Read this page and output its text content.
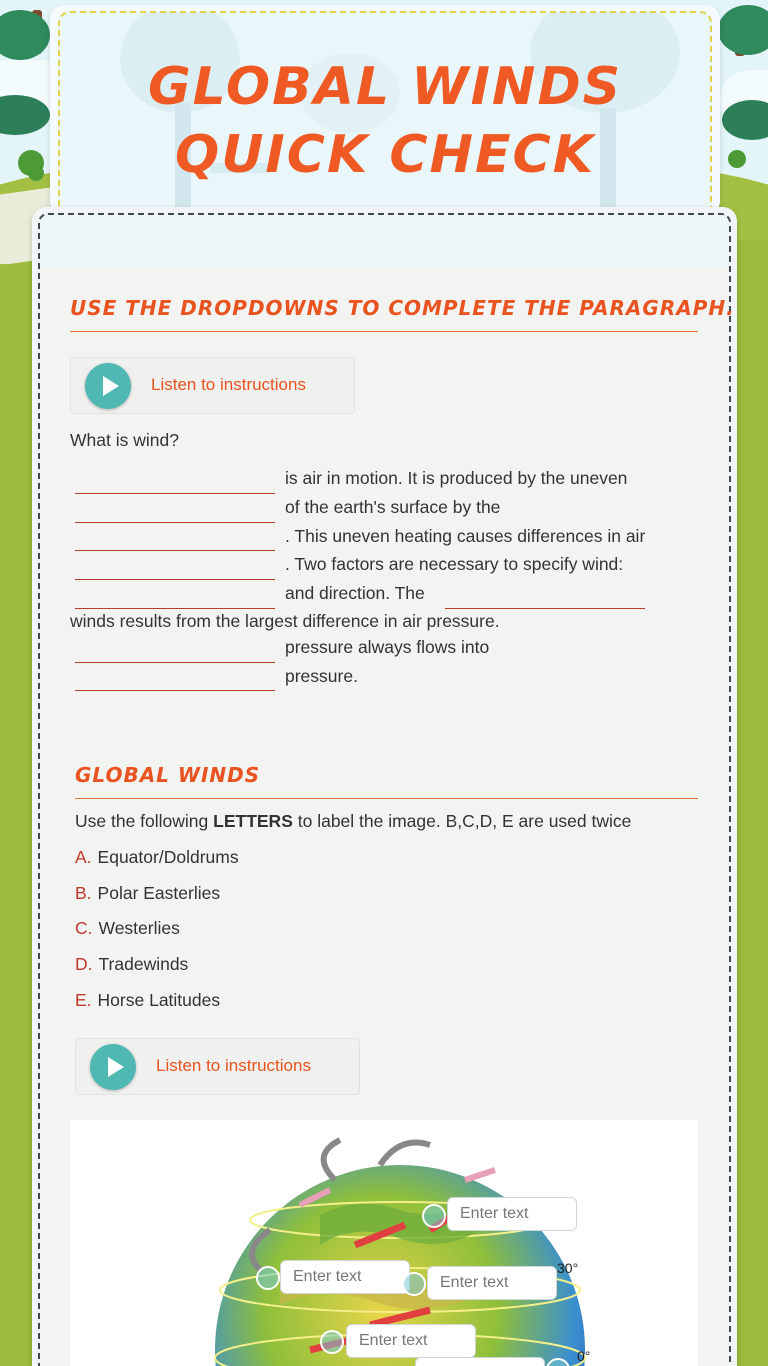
GLOBAL WINDS QUICK CHECK
USE THE DROPDOWNS TO COMPLETE THE PARAGRAPH.
Listen to instructions
What is wind?
is air in motion. It is produced by the uneven
of the earth's surface by the
. This uneven heating causes differences in air
. Two factors are necessary to specify wind:
and direction. The
winds results from the largest difference in air pressure.
pressure always flows into
pressure.
GLOBAL WINDS
Use the following LETTERS to label the image. B,C,D, E are used twice
A. Equator/Doldrums
B. Polar Easterlies
C. Westerlies
D. Tradewinds
E. Horse Latitudes
Listen to instructions
30°
0°
Enter text
Enter text	Enter text
Enter text
